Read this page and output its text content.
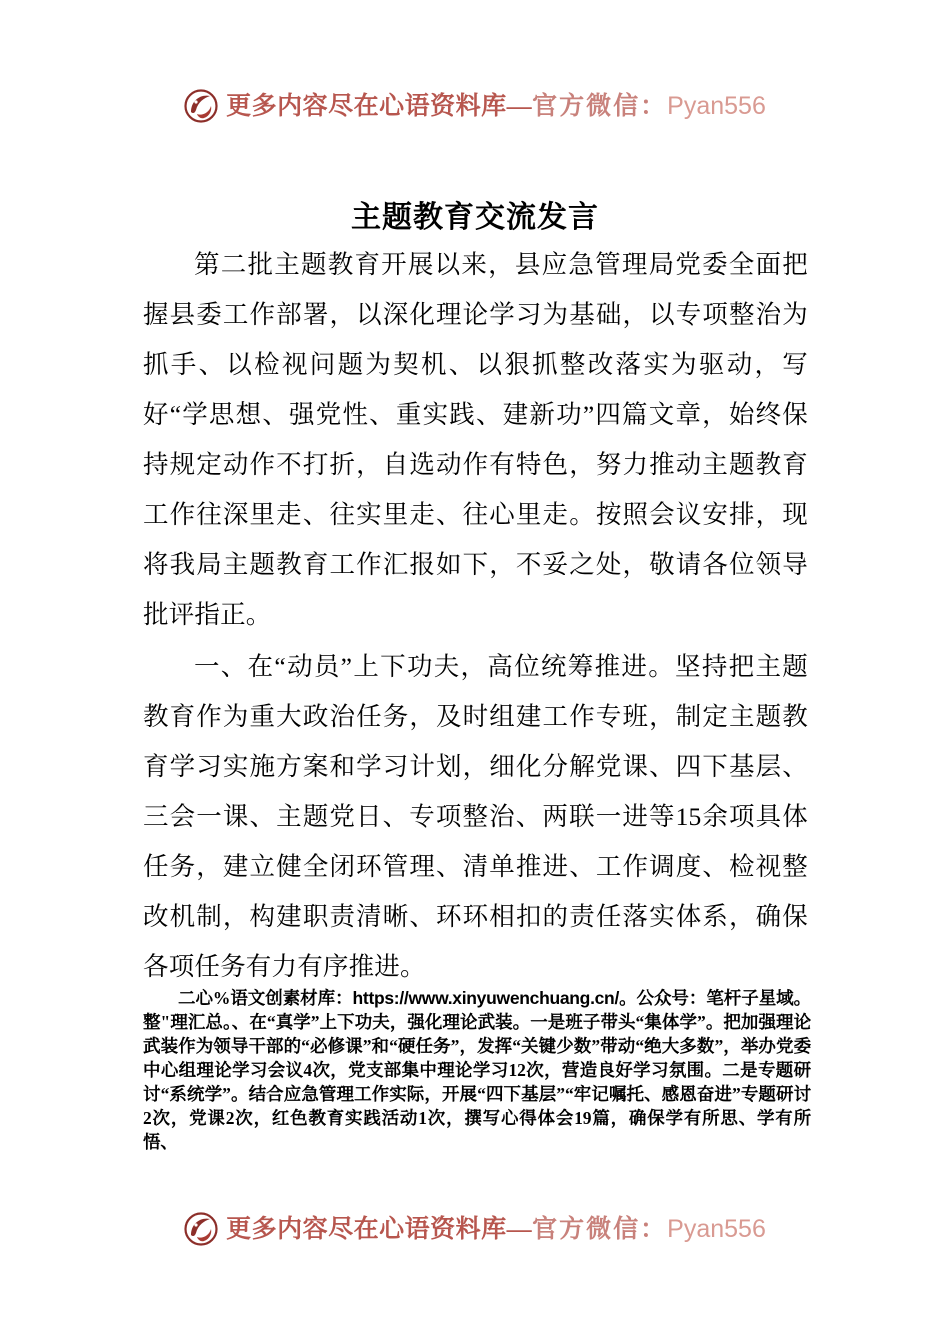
更多内容尽在心语资料库—官方微信：Pyan556
主题教育交流发言

第二批主题教育开展以来，县应急管理局党委全面把握县委工作部署，以深化理论学习为基础，以专项整治为抓手、以检视问题为契机、以狠抓整改落实为驱动，写好“学思想、强党性、重实践、建新功”四篇文章，始终保持规定动作不打折，自选动作有特色，努力推动主题教育工作往深里走、往实里走、往心里走。按照会议安排，现将我局主题教育工作汇报如下，不妥之处，敬请各位领导批评指正。

一、在“动员”上下功夫，高位统筹推进。坚持把主题教育作为重大政治任务，及时组建工作专班，制定主题教育学习实施方案和学习计划，细化分解党课、四下基层、三会一课、主题党日、专项整治、两联一进等15余项具体任务，建立健全闭环管理、清单推进、工作调度、检视整改机制，构建职责清晰、环环相扣的责任落实体系，确保各项任务有力有序推进。

二心%语文创素材库：https://www.xinyuwenchuang.cn/。公众号：笔杆子星域。整"理汇总。、在“真学”上下功夫，强化理论武装。一是班子带头“集体学”。把加强理论武装作为领导干部的“必修课”和“硬任务”，发挥“关键少数”带动“绝大多数”，举办党委中心组理论学习会议4次，党支部集中理论学习12次，营造良好学习氛围。二是专题研讨“系统学”。结合应急管理工作实际，开展“四下基层”“牢记嘱托、感恩奋进”专题研讨2次，党课2次，红色教育实践活动1次，撰写心得体会19篇，确保学有所思、学有所悟、

更多内容尽在心语资料库—官方微信：Pyan556
